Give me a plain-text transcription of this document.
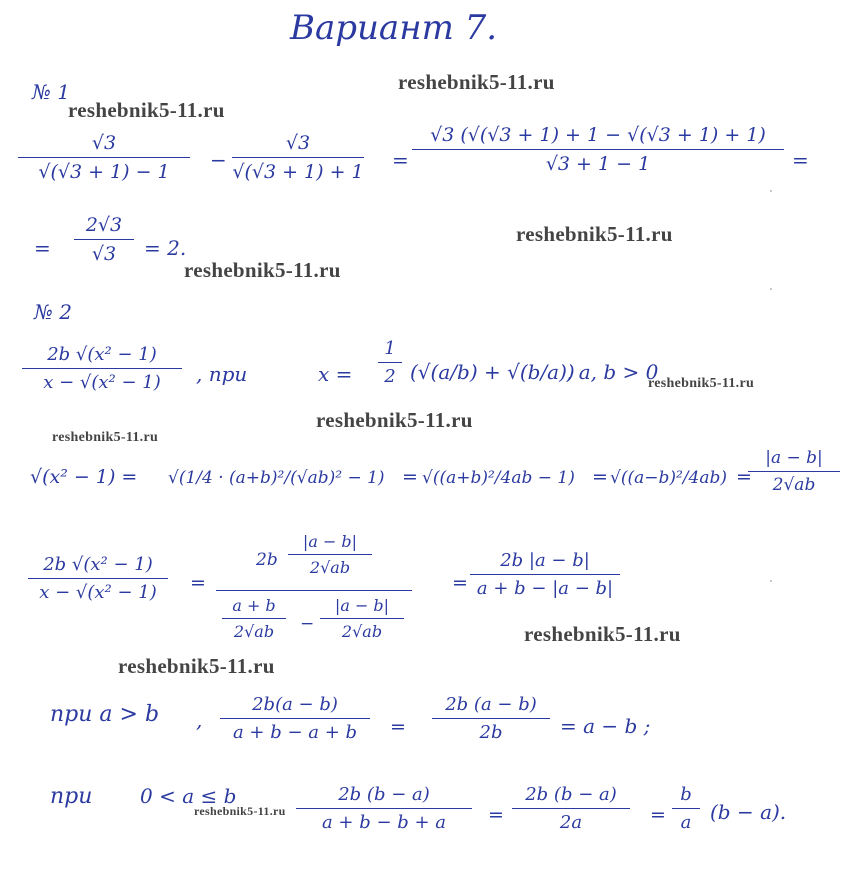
Вариант 7.
reshebnik5-11.ru
reshebnik5-11.ru
reshebnik5-11.ru
reshebnik5-11.ru
reshebnik5-11.ru
reshebnik5-11.ru
reshebnik5-11.ru
reshebnik5-11.ru
reshebnik5-11.ru
reshebnik5-11.ru
№ 1
√3
√(√3 + 1) − 1	−
√3
√(√3 + 1) + 1 =
√3 (√(√3 + 1) + 1 − √(√3 + 1) + 1)
√3 + 1 − 1	=
=
2√3
√3	= 2.
№ 2
2b √(x² − 1)
x − √(x² − 1)	, при	x =
1
2 (√(a/b) + √(b/a))
, a, b > 0
√(x² − 1) = √(1/4 · (a+b)²/(√ab)² − 1) = √((a+b)²/4ab − 1) = √((a−b)²/4ab) =
|a − b|
2√ab
2b √(x² − 1)
x − √(x² − 1)	=
2b
|a − b|
2√ab
a + b
2√ab	−
|a − b|
2√ab
=
2b |a − b|
a + b − |a − b|
при a > b ,
2b(a − b)
a + b − a + b	=
2b (a − b)
2b	= a − b ;
при 0 < a ≤ b	2b (b − a)
a + b − b + a	=
2b (b − a)
2a	=
b
a (b − a).
